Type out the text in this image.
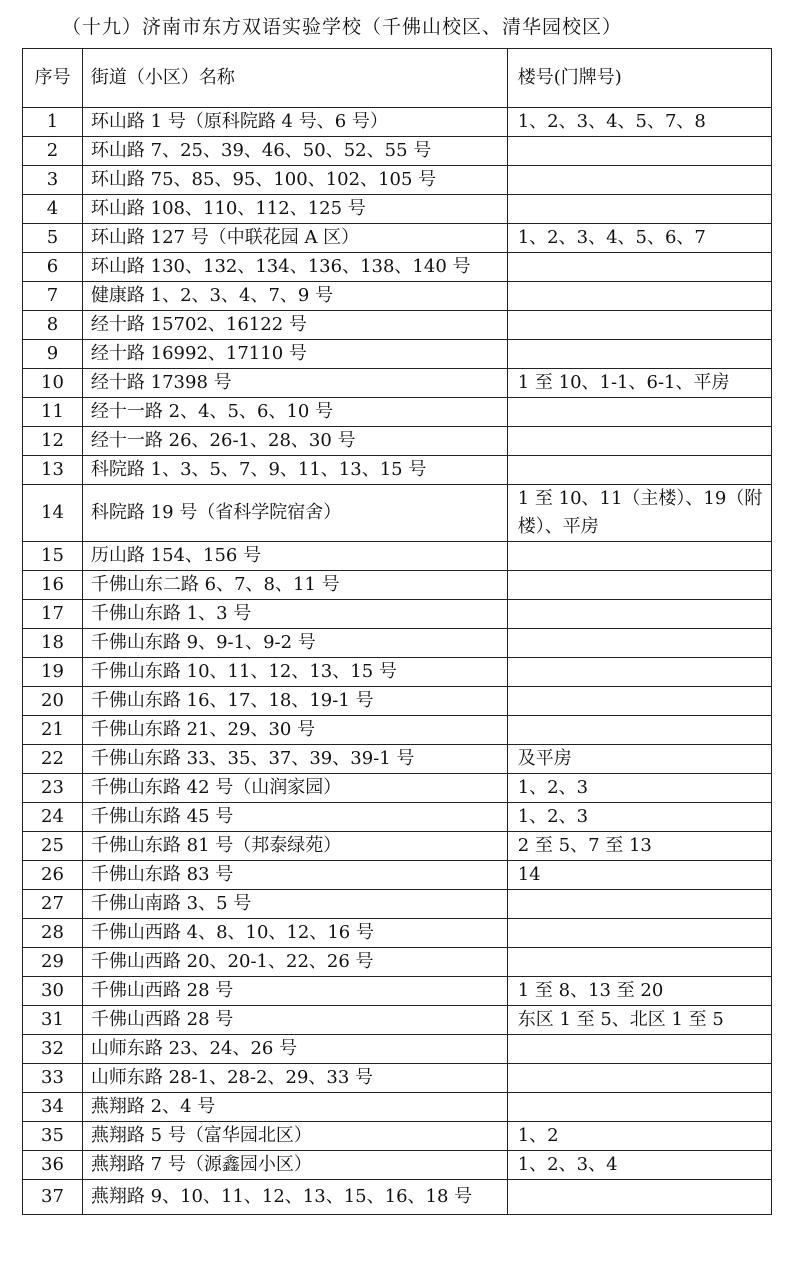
（十九）济南市东方双语实验学校（千佛山校区、清华园校区）
序号	街道（小区）名称	楼号(门牌号)
1	环山路 1 号（原科院路 4 号、6 号）	1、2、3、4、5、7、8
2	环山路 7、25、39、46、50、52、55 号	
3	环山路 75、85、95、100、102、105 号	
4	环山路 108、110、112、125 号	
5	环山路 127 号（中联花园 A 区）	1、2、3、4、5、6、7
6	环山路 130、132、134、136、138、140 号	
7	健康路 1、2、3、4、7、9 号	
8	经十路 15702、16122 号	
9	经十路 16992、17110 号	
10	经十路 17398 号	1 至 10、1-1、6-1、平房
11	经十一路 2、4、5、6、10 号	
12	经十一路 26、26-1、28、30 号	
13	科院路 1、3、5、7、9、11、13、15 号	
14	科院路 19 号（省科学院宿舍）	1 至 10、11（主楼）、19（附楼）、平房
15	历山路 154、156 号	
16	千佛山东二路 6、7、8、11 号	
17	千佛山东路 1、3 号	
18	千佛山东路 9、9-1、9-2 号	
19	千佛山东路 10、11、12、13、15 号	
20	千佛山东路 16、17、18、19-1 号	
21	千佛山东路 21、29、30 号	
22	千佛山东路 33、35、37、39、39-1 号	及平房
23	千佛山东路 42 号（山润家园）	1、2、3
24	千佛山东路 45 号	1、2、3
25	千佛山东路 81 号（邦泰绿苑）	2 至 5、7 至 13
26	千佛山东路 83 号	14
27	千佛山南路 3、5 号	
28	千佛山西路 4、8、10、12、16 号	
29	千佛山西路 20、20-1、22、26 号	
30	千佛山西路 28 号	1 至 8、13 至 20
31	千佛山西路 28 号	东区 1 至 5、北区 1 至 5
32	山师东路 23、24、26 号	
33	山师东路 28-1、28-2、29、33 号	
34	燕翔路 2、4 号	
35	燕翔路 5 号（富华园北区）	1、2
36	燕翔路 7 号（源鑫园小区）	1、2、3、4
37	燕翔路 9、10、11、12、13、15、16、18 号	
